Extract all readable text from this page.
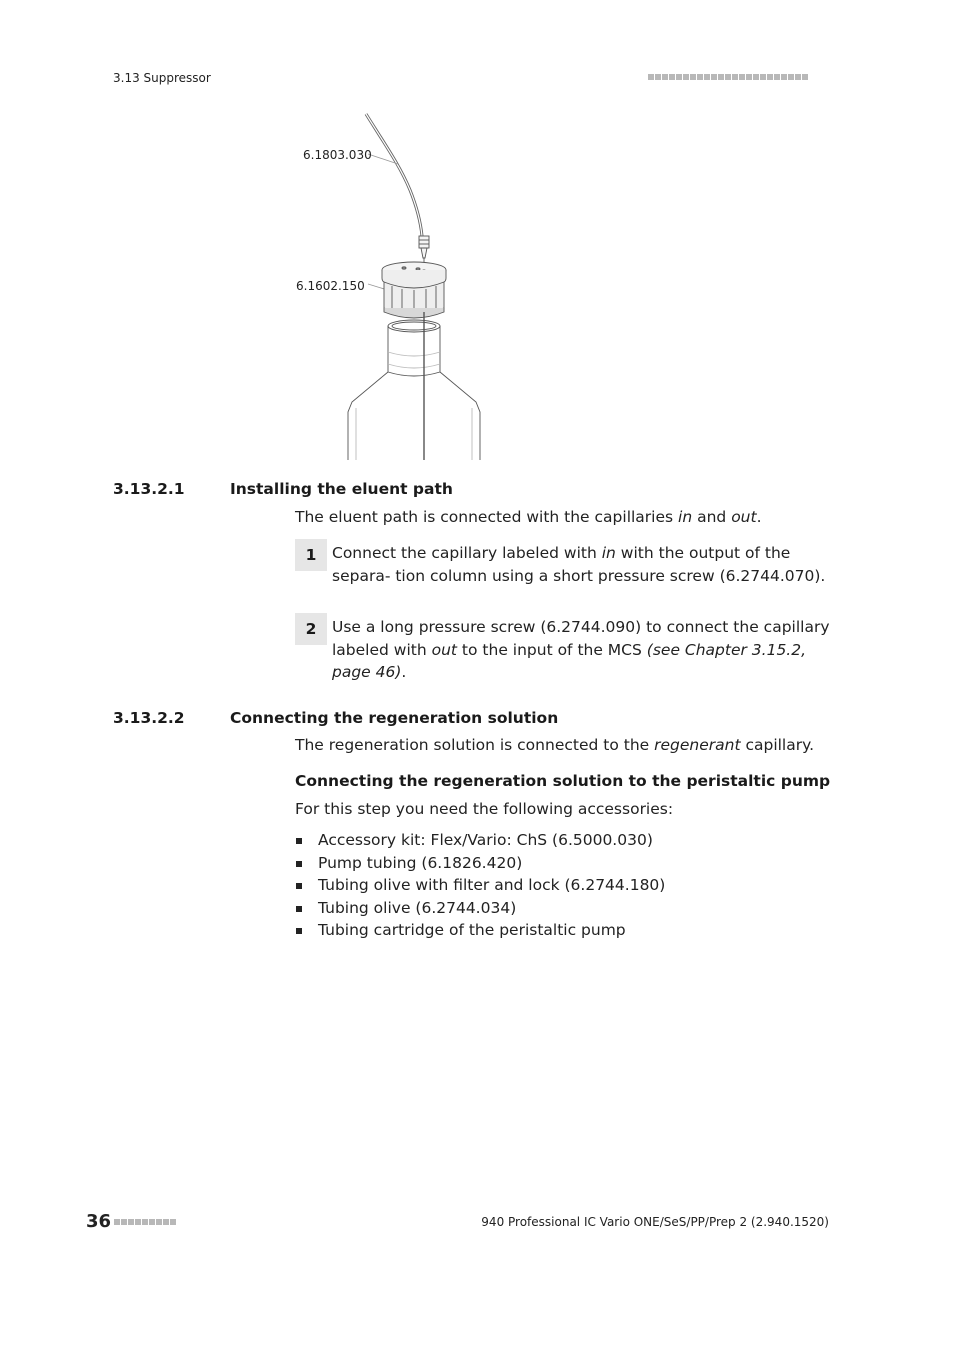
3.13 Suppressor
6.1803.030
6.1602.150
3.13.2.1	Installing the eluent path
The eluent path is connected with the capillaries in and out.
1	Connect the capillary labeled with in with the output of the separa- tion column using a short pressure screw (6.2744.070).
2	Use a long pressure screw (6.2744.090) to connect the capillary labeled with out to the input of the MCS (see Chapter 3.15.2, page 46).
3.13.2.2	Connecting the regeneration solution
The regeneration solution is connected to the regenerant capillary.
Connecting the regeneration solution to the peristaltic pump
For this step you need the following accessories:
Accessory kit: Flex/Vario: ChS (6.5000.030)
Pump tubing (6.1826.420)
Tubing olive with filter and lock (6.2744.180)
Tubing olive (6.2744.034)
Tubing cartridge of the peristaltic pump
36	940 Professional IC Vario ONE/SeS/PP/Prep 2 (2.940.1520)
